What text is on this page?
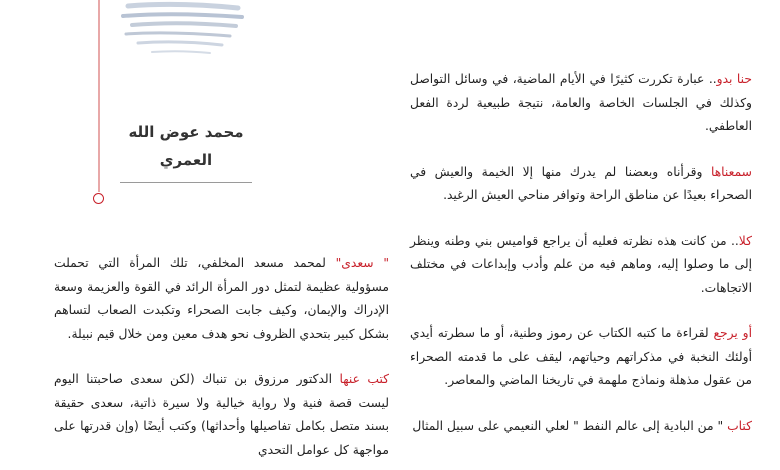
محمد عوض الله
العمري

حنا بدو.. عبارة تكررت كثيرًا في الأيام الماضية، في وسائل التواصل وكذلك في الجلسات الخاصة والعامة، نتيجة طبيعية لردة الفعل العاطفي.

سمعناها وقرأناه وبعضنا لم يدرك منها إلا الخيمة والعيش في الصحراء بعيدًا عن مناطق الراحة وتوافر مناحي العيش الرغيد.

كلا.. من كانت هذه نظرته فعليه أن يراجع قواميس بني وطنه وينظر إلى ما وصلوا إليه، وماهم فيه من علم وأدب وإبداعات في مختلف الاتجاهات.

أو يرجع لقراءة ما كتبه الكتاب عن رموز وطنية، أو ما سطرته أيدي أولئك النخبة في مذكراتهم وحياتهم، ليقف على ما قدمته الصحراء من عقول مذهلة ونماذج ملهمة في تاريخنا الماضي والمعاصر.

كتاب " من البادية إلى عالم النفط " لعلي النعيمي على سبيل المثال

" سعدى" لمحمد مسعد المخلفي، تلك المرأة التي تحملت مسؤولية عظيمة لتمثل دور المرأة الرائد في القوة والعزيمة وسعة الإدراك والإيمان، وكيف جابت الصحراء وتكبدت الصعاب لتساهم بشكل كبير بتحدي الظروف نحو هدف معين ومن خلال قيم نبيلة.

كتب عنها الدكتور مرزوق بن تنباك (لكن سعدى صاحبتنا اليوم ليست قصة فنية ولا رواية خيالية ولا سيرة ذاتية، سعدى حقيقة بسند متصل بكامل تفاصيلها وأحداثها) وكتب أيضًا (وإن قدرتها على مواجهة كل عوامل التحدي
